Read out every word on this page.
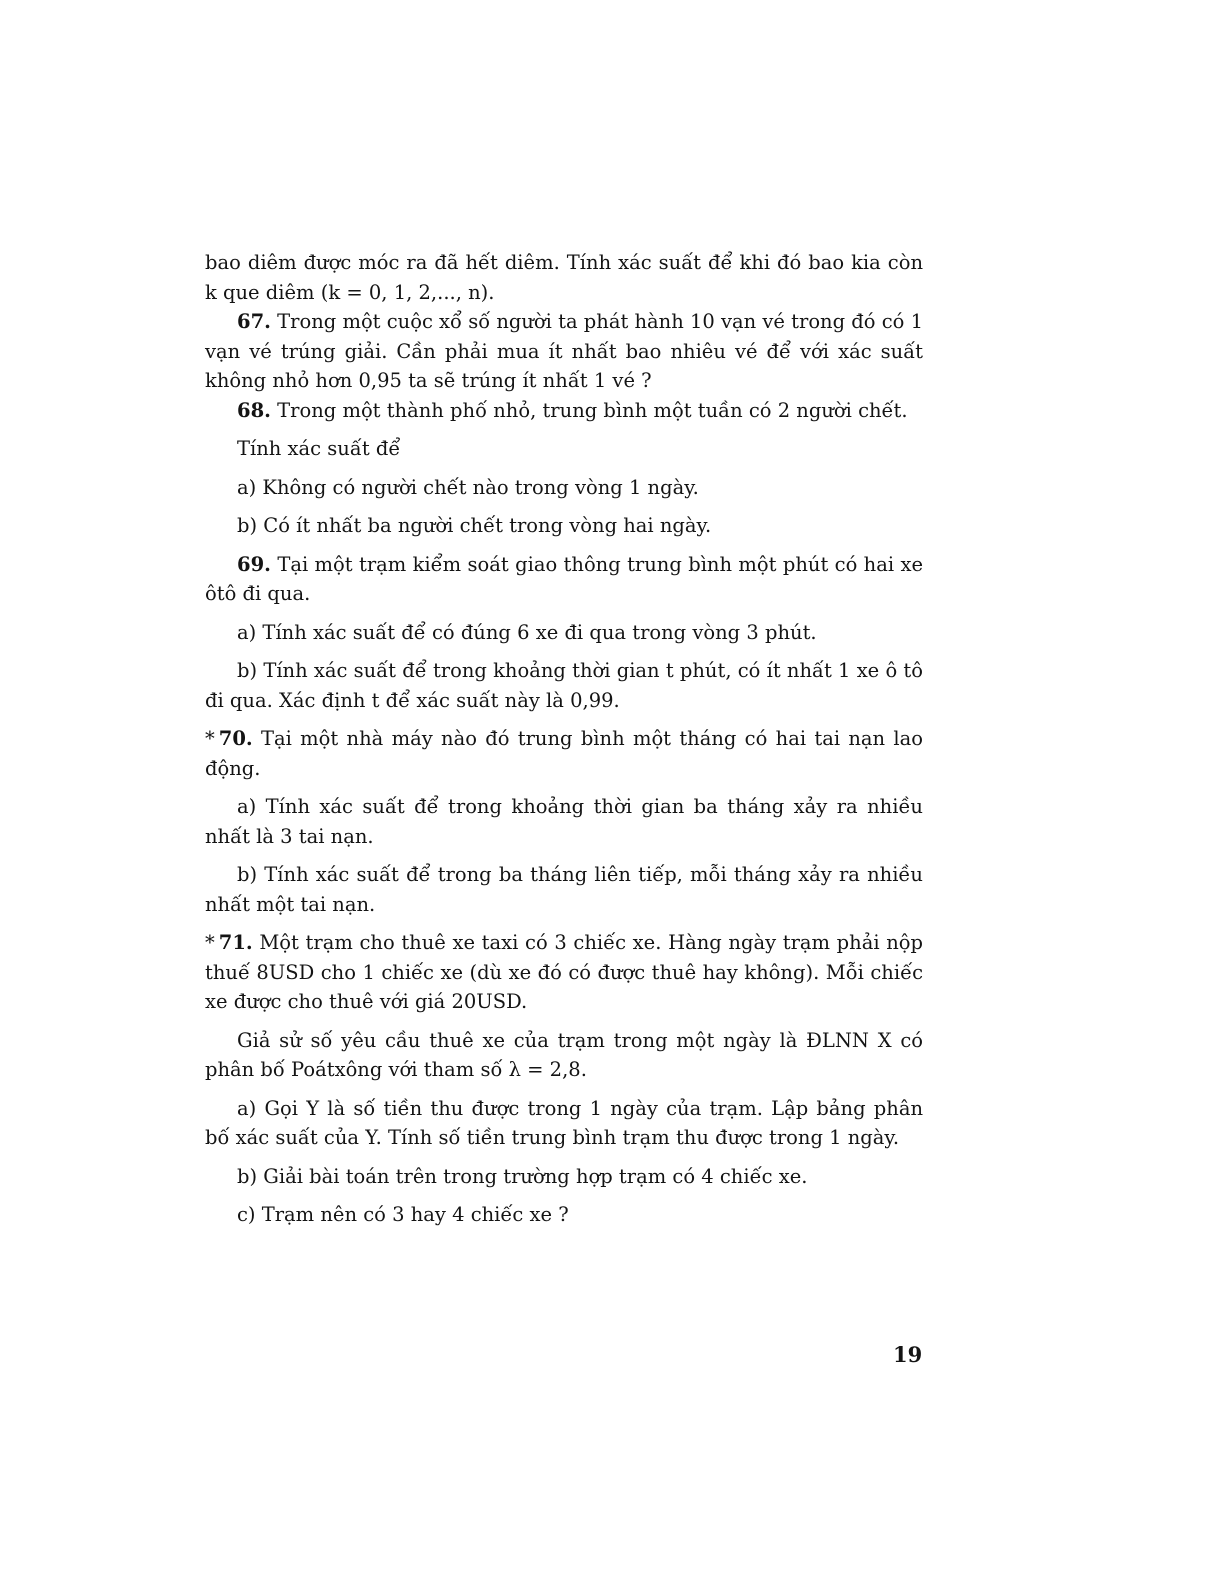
bao diêm được móc ra đã hết diêm. Tính xác suất để khi đó bao kia còn k que diêm (k = 0, 1, 2,..., n).

67. Trong một cuộc xổ số người ta phát hành 10 vạn vé trong đó có 1 vạn vé trúng giải. Cần phải mua ít nhất bao nhiêu vé để với xác suất không nhỏ hơn 0,95 ta sẽ trúng ít nhất 1 vé ?

68. Trong một thành phố nhỏ, trung bình một tuần có 2 người chết.

Tính xác suất để

a) Không có người chết nào trong vòng 1 ngày.

b) Có ít nhất ba người chết trong vòng hai ngày.

69. Tại một trạm kiểm soát giao thông trung bình một phút có hai xe ôtô đi qua.

a) Tính xác suất để có đúng 6 xe đi qua trong vòng 3 phút.

b) Tính xác suất để trong khoảng thời gian t phút, có ít nhất 1 xe ô tô đi qua. Xác định t để xác suất này là 0,99.

* 70. Tại một nhà máy nào đó trung bình một tháng có hai tai nạn lao động.

a) Tính xác suất để trong khoảng thời gian ba tháng xảy ra nhiều nhất là 3 tai nạn.

b) Tính xác suất để trong ba tháng liên tiếp, mỗi tháng xảy ra nhiều nhất một tai nạn.

* 71. Một trạm cho thuê xe taxi có 3 chiếc xe. Hàng ngày trạm phải nộp thuế 8USD cho 1 chiếc xe (dù xe đó có được thuê hay không). Mỗi chiếc xe được cho thuê với giá 20USD.

Giả sử số yêu cầu thuê xe của trạm trong một ngày là ĐLNN X có phân bố Poátxông với tham số λ = 2,8.

a) Gọi Y là số tiền thu được trong 1 ngày của trạm. Lập bảng phân bố xác suất của Y. Tính số tiền trung bình trạm thu được trong 1 ngày.

b) Giải bài toán trên trong trường hợp trạm có 4 chiếc xe.

c) Trạm nên có 3 hay 4 chiếc xe ?

19
